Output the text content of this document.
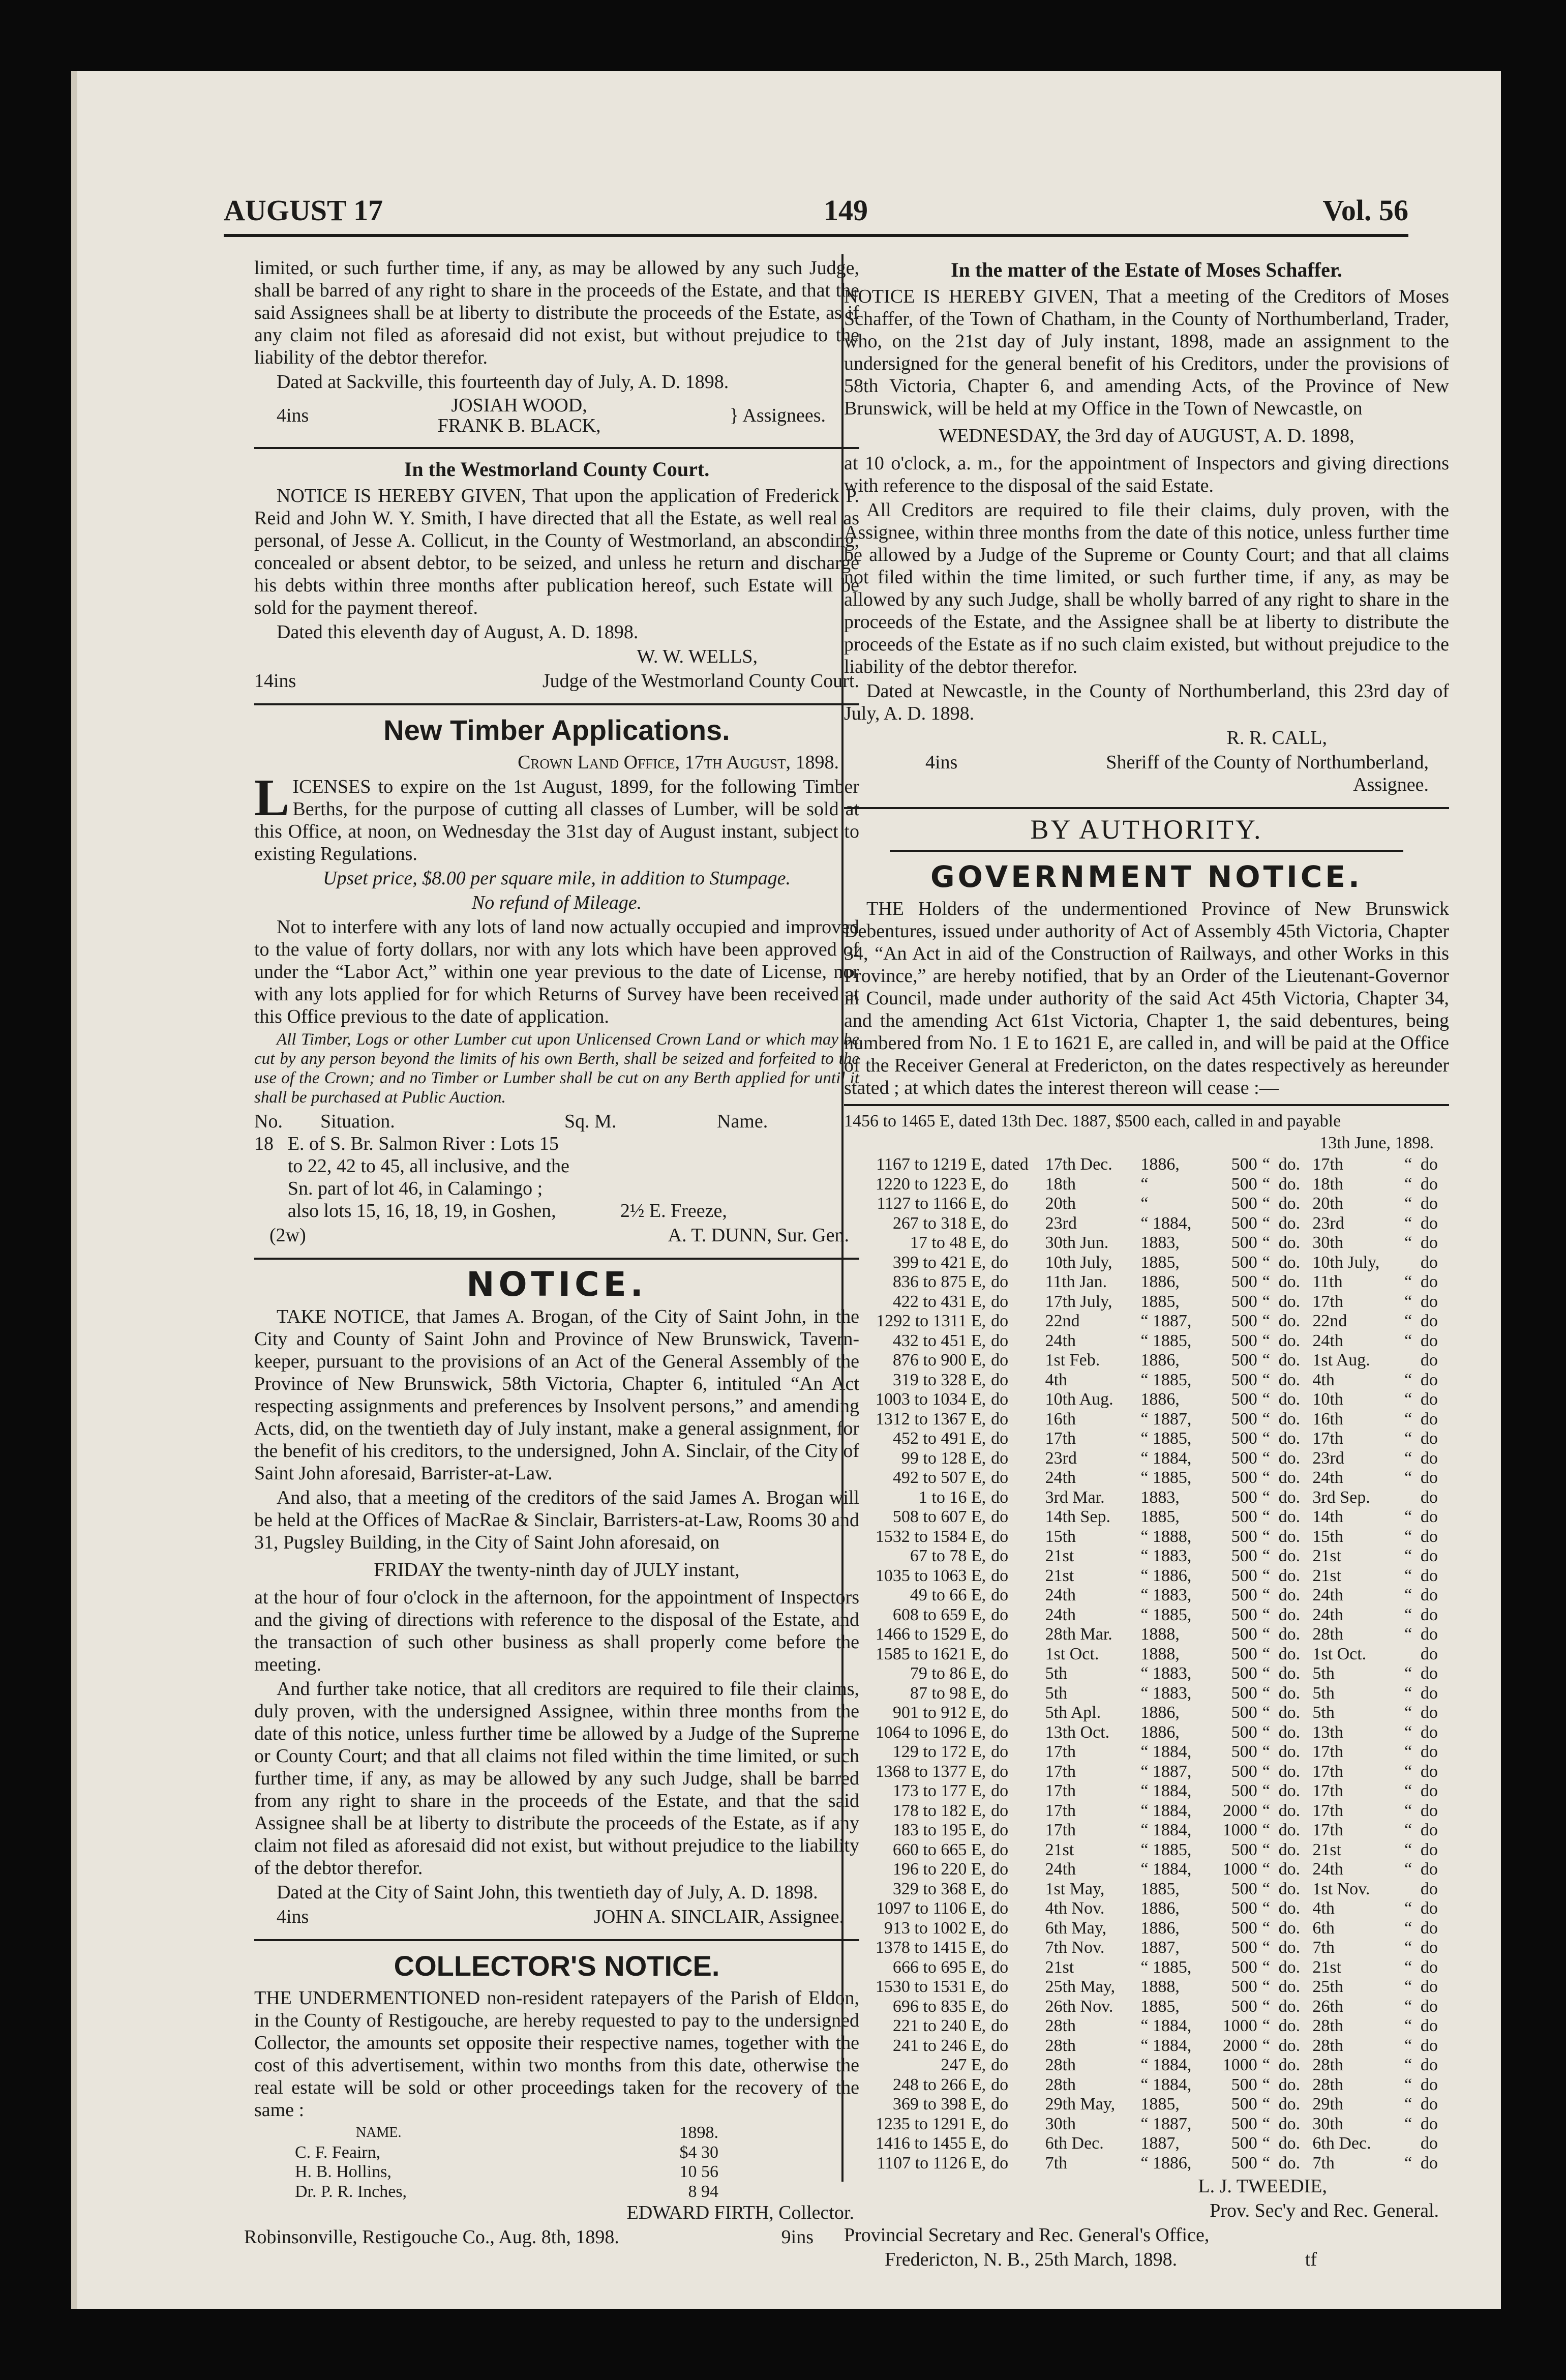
AUGUST 17	149	Vol. 56

limited, or such further time, if any, as may be allowed by any such Judge, shall be barred of any right to share in the proceeds of the Estate, and that the said Assignees shall be at liberty to distribute the proceeds of the Estate, as if any claim not filed as aforesaid did not exist, but without prejudice to the liability of the debtor therefor.

Dated at Sackville, this fourteenth day of July, A. D. 1898.

4ins	JOSIAH WOOD,
FRANK B. BLACK,	} Assignees.
In the Westmorland County Court.

NOTICE IS HEREBY GIVEN, That upon the application of Frederick P. Reid and John W. Y. Smith, I have directed that all the Estate, as well real as personal, of Jesse A. Collicut, in the County of Westmorland, an absconding, concealed or absent debtor, to be seized, and unless he return and discharge his debts within three months after publication hereof, such Estate will be sold for the payment thereof.

Dated this eleventh day of August, A. D. 1898.

W. W. WELLS,

14ins	Judge of the Westmorland County Court.
New Timber Applications.

Crown Land Office, 17th August, 1898.

LICENSES to expire on the 1st August, 1899, for the following Timber Berths, for the purpose of cutting all classes of Lumber, will be sold at this Office, at noon, on Wednesday the 31st day of August instant, subject to existing Regulations.

Upset price, $8.00 per square mile, in addition to Stumpage.

No refund of Mileage.

Not to interfere with any lots of land now actually occupied and improved to the value of forty dollars, nor with any lots which have been approved of under the “Labor Act,” within one year previous to the date of License, nor with any lots applied for for which Returns of Survey have been received at this Office previous to the date of application.

All Timber, Logs or other Lumber cut upon Unlicensed Crown Land or which may be cut by any person beyond the limits of his own Berth, shall be seized and forfeited to the use of the Crown; and no Timber or Lumber shall be cut on any Berth applied for until it shall be purchased at Public Auction.

No.	Situation.	Sq. M.	Name.
18 E. of S. Br. Salmon River : Lots 15 to 22, 42 to 45, all inclusive, and the Sn. part of lot 46, in Calamingo ; also lots 15, 16, 18, 19, in Goshen,	2½ E. Freeze,
(2w)	A. T. DUNN, Sur. Gen.
NOTICE.

TAKE NOTICE, that James A. Brogan, of the City of Saint John, in the City and County of Saint John and Province of New Brunswick, Tavern-keeper, pursuant to the provisions of an Act of the General Assembly of the Province of New Brunswick, 58th Victoria, Chapter 6, intituled “An Act respecting assignments and preferences by Insolvent persons,” and amending Acts, did, on the twentieth day of July instant, make a general assignment, for the benefit of his creditors, to the undersigned, John A. Sinclair, of the City of Saint John aforesaid, Barrister-at-Law.

And also, that a meeting of the creditors of the said James A. Brogan will be held at the Offices of MacRae & Sinclair, Barristers-at-Law, Rooms 30 and 31, Pugsley Building, in the City of Saint John aforesaid, on

FRIDAY the twenty-ninth day of JULY instant,

at the hour of four o'clock in the afternoon, for the appointment of Inspectors and the giving of directions with reference to the disposal of the Estate, and the transaction of such other business as shall properly come before the meeting.

And further take notice, that all creditors are required to file their claims, duly proven, with the undersigned Assignee, within three months from the date of this notice, unless further time be allowed by a Judge of the Supreme or County Court; and that all claims not filed within the time limited, or such further time, if any, as may be allowed by any such Judge, shall be barred from any right to share in the proceeds of the Estate, and that the said Assignee shall be at liberty to distribute the proceeds of the Estate, as if any claim not filed as aforesaid did not exist, but without prejudice to the liability of the debtor therefor.

Dated at the City of Saint John, this twentieth day of July, A. D. 1898.

4ins	JOHN A. SINCLAIR, Assignee.
COLLECTOR'S NOTICE.

THE UNDERMENTIONED non-resident ratepayers of the Parish of Eldon, in the County of Restigouche, are hereby requested to pay to the undersigned Collector, the amounts set opposite their respective names, together with the cost of this advertisement, within two months from this date, otherwise the real estate will be sold or other proceedings taken for the recovery of the same :

NAME.	1898.
C. F. Feairn,	$4 30
H. B. Hollins,	10 56
Dr. P. R. Inches,	8 94

EDWARD FIRTH, Collector.

Robinsonville, Restigouche Co., Aug. 8th, 1898.	9ins
In the matter of the Estate of Moses Schaffer.

NOTICE IS HEREBY GIVEN, That a meeting of the Creditors of Moses Schaffer, of the Town of Chatham, in the County of Northumberland, Trader, who, on the 21st day of July instant, 1898, made an assignment to the undersigned for the general benefit of his Creditors, under the provisions of 58th Victoria, Chapter 6, and amending Acts, of the Province of New Brunswick, will be held at my Office in the Town of Newcastle, on

WEDNESDAY, the 3rd day of AUGUST, A. D. 1898,

at 10 o'clock, a. m., for the appointment of Inspectors and giving directions with reference to the disposal of the said Estate.

All Creditors are required to file their claims, duly proven, with the Assignee, within three months from the date of this notice, unless further time be allowed by a Judge of the Supreme or County Court; and that all claims not filed within the time limited, or such further time, if any, as may be allowed by any such Judge, shall be wholly barred of any right to share in the proceeds of the Estate, and the Assignee shall be at liberty to distribute the proceeds of the Estate as if no such claim existed, but without prejudice to the liability of the debtor therefor.

Dated at Newcastle, in the County of Northumberland, this 23rd day of July, A. D. 1898.

R. R. CALL,

4ins	Sheriff of the County of Northumberland,

Assignee.

BY AUTHORITY.
GOVERNMENT NOTICE.

THE Holders of the undermentioned Province of New Brunswick Debentures, issued under authority of Act of Assembly 45th Victoria, Chapter 34, “An Act in aid of the Construction of Railways, and other Works in this Province,” are hereby notified, that by an Order of the Lieutenant-Governor in Council, made under authority of the said Act 45th Victoria, Chapter 34, and the amending Act 61st Victoria, Chapter 1, the said debentures, being numbered from No. 1 E to 1621 E, are called in, and will be paid at the Office of the Receiver General at Fredericton, on the dates respectively as hereunder stated ; at which dates the interest thereon will cease :—

1456 to 1465 E, dated 13th Dec. 1887, $500 each, called in and payable

13th June, 1898.

1167 to 1219 E,	dated	17th Dec.	1886,	500	“	do.	17th	“	do
1220 to 1223 E,	do	18th	“	500	“	do.	18th	“	do
1127 to 1166 E,	do	20th	“	500	“	do.	20th	“	do
267 to 318 E,	do	23rd	“ 1884,	500	“	do.	23rd	“	do
17 to 48 E,	do	30th Jun.	1883,	500	“	do.	30th	“	do
399 to 421 E,	do	10th July,	1885,	500	“	do.	10th July,		do
836 to 875 E,	do	11th Jan.	1886,	500	“	do.	11th	“	do
422 to 431 E,	do	17th July,	1885,	500	“	do.	17th	“	do
1292 to 1311 E,	do	22nd	“ 1887,	500	“	do.	22nd	“	do
432 to 451 E,	do	24th	“ 1885,	500	“	do.	24th	“	do
876 to 900 E,	do	1st Feb.	1886,	500	“	do.	1st Aug.		do
319 to 328 E,	do	4th	“ 1885,	500	“	do.	4th	“	do
1003 to 1034 E,	do	10th Aug.	1886,	500	“	do.	10th	“	do
1312 to 1367 E,	do	16th	“ 1887,	500	“	do.	16th	“	do
452 to 491 E,	do	17th	“ 1885,	500	“	do.	17th	“	do
99 to 128 E,	do	23rd	“ 1884,	500	“	do.	23rd	“	do
492 to 507 E,	do	24th	“ 1885,	500	“	do.	24th	“	do
1 to 16 E,	do	3rd Mar.	1883,	500	“	do.	3rd Sep.		do
508 to 607 E,	do	14th Sep.	1885,	500	“	do.	14th	“	do
1532 to 1584 E,	do	15th	“ 1888,	500	“	do.	15th	“	do
67 to 78 E,	do	21st	“ 1883,	500	“	do.	21st	“	do
1035 to 1063 E,	do	21st	“ 1886,	500	“	do.	21st	“	do
49 to 66 E,	do	24th	“ 1883,	500	“	do.	24th	“	do
608 to 659 E,	do	24th	“ 1885,	500	“	do.	24th	“	do
1466 to 1529 E,	do	28th Mar.	1888,	500	“	do.	28th	“	do
1585 to 1621 E,	do	1st Oct.	1888,	500	“	do.	1st Oct.		do
79 to 86 E,	do	5th	“ 1883,	500	“	do.	5th	“	do
87 to 98 E,	do	5th	“ 1883,	500	“	do.	5th	“	do
901 to 912 E,	do	5th Apl.	1886,	500	“	do.	5th	“	do
1064 to 1096 E,	do	13th Oct.	1886,	500	“	do.	13th	“	do
129 to 172 E,	do	17th	“ 1884,	500	“	do.	17th	“	do
1368 to 1377 E,	do	17th	“ 1887,	500	“	do.	17th	“	do
173 to 177 E,	do	17th	“ 1884,	500	“	do.	17th	“	do
178 to 182 E,	do	17th	“ 1884,	2000	“	do.	17th	“	do
183 to 195 E,	do	17th	“ 1884,	1000	“	do.	17th	“	do
660 to 665 E,	do	21st	“ 1885,	500	“	do.	21st	“	do
196 to 220 E,	do	24th	“ 1884,	1000	“	do.	24th	“	do
329 to 368 E,	do	1st May,	1885,	500	“	do.	1st Nov.		do
1097 to 1106 E,	do	4th Nov.	1886,	500	“	do.	4th	“	do
913 to 1002 E,	do	6th May,	1886,	500	“	do.	6th	“	do
1378 to 1415 E,	do	7th Nov.	1887,	500	“	do.	7th	“	do
666 to 695 E,	do	21st	“ 1885,	500	“	do.	21st	“	do
1530 to 1531 E,	do	25th May,	1888,	500	“	do.	25th	“	do
696 to 835 E,	do	26th Nov.	1885,	500	“	do.	26th	“	do
221 to 240 E,	do	28th	“ 1884,	1000	“	do.	28th	“	do
241 to 246 E,	do	28th	“ 1884,	2000	“	do.	28th	“	do
247 E,	do	28th	“ 1884,	1000	“	do.	28th	“	do
248 to 266 E,	do	28th	“ 1884,	500	“	do.	28th	“	do
369 to 398 E,	do	29th May,	1885,	500	“	do.	29th	“	do
1235 to 1291 E,	do	30th	“ 1887,	500	“	do.	30th	“	do
1416 to 1455 E,	do	6th Dec.	1887,	500	“	do.	6th Dec.		do
1107 to 1126 E,	do	7th	“ 1886,	500	“	do.	7th	“	do

L. J. TWEEDIE,

Prov. Sec'y and Rec. General.

Provincial Secretary and Rec. General's Office,

Fredericton, N. B., 25th March, 1898.	tf
